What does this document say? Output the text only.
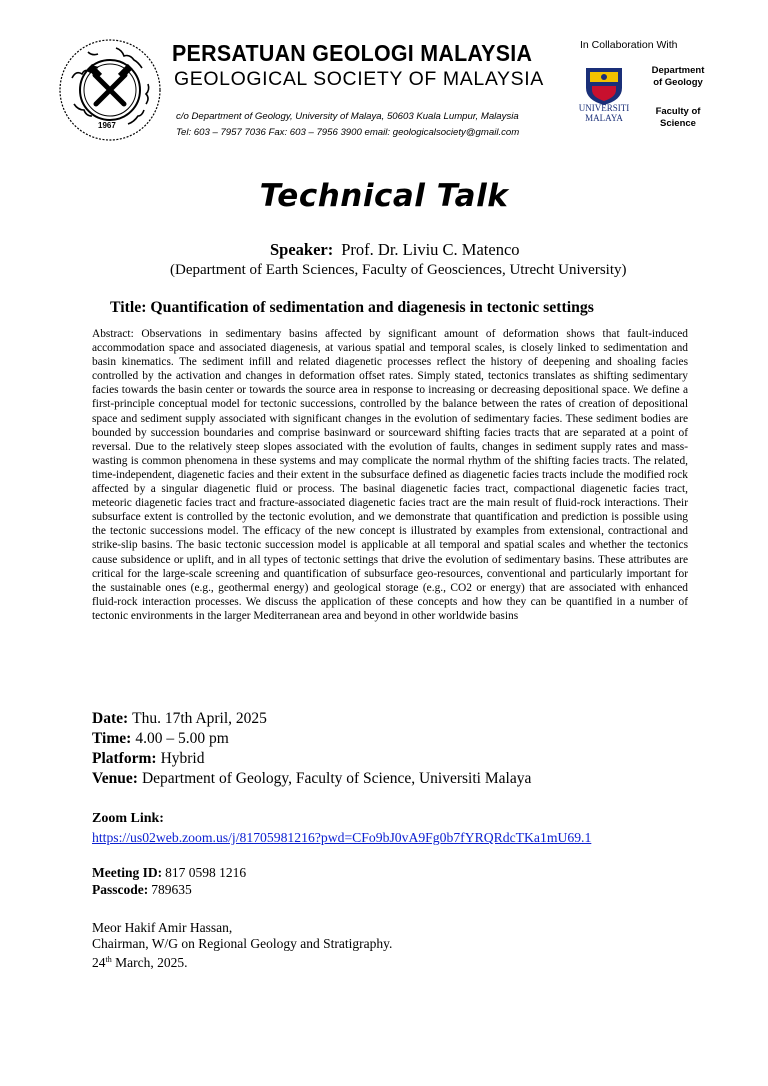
1967
PERSATUAN GEOLOGI MALAYSIA
GEOLOGICAL SOCIETY OF MALAYSIA
c/o Department of Geology, University of Malaya, 50603 Kuala Lumpur, Malaysia
Tel: 603 – 7957 7036 Fax: 603 – 7956 3900 email: geologicalsociety@gmail.com
In Collaboration With
UNIVERSITI
MALAYA
Department
of Geology
Faculty of
Science
Technical Talk
Speaker: Prof. Dr. Liviu C. Matenco
(Department of Earth Sciences, Faculty of Geosciences, Utrecht University)
Title: Quantification of sedimentation and diagenesis in tectonic settings
Abstract: Observations in sedimentary basins affected by significant amount of deformation shows that fault-induced accommodation space and associated diagenesis, at various spatial and temporal scales, is closely linked to sedimentation and basin kinematics. The sediment infill and related diagenetic processes reflect the history of deepening and shoaling facies controlled by the activation and changes in deformation offset rates. Simply stated, tectonics translates as shifting sedimentary facies towards the basin center or towards the source area in response to increasing or decreasing depositional space. We define a first-principle conceptual model for tectonic successions, controlled by the balance between the rates of creation of depositional space and sediment supply associated with significant changes in the evolution of sedimentary facies. These sediment bodies are bounded by succession boundaries and comprise basinward or sourceward shifting facies tracts that are separated at a point of reversal. Due to the relatively steep slopes associated with the evolution of faults, changes in sediment supply rates and mass-wasting is common phenomena in these systems and may complicate the normal rhythm of the shifting facies tracts. The related, time-independent, diagenetic facies and their extent in the subsurface defined as diagenetic facies tracts include the modified rock affected by a singular diagenetic fluid or process. The basinal diagenetic facies tract, compactional diagenetic facies tract, meteoric diagenetic facies tract and fracture-associated diagenetic facies tract are the main result of fluid-rock interactions. Their subsurface extent is controlled by the tectonic evolution, and we demonstrate that quantification and prediction is possible using the tectonic successions model. The efficacy of the new concept is illustrated by examples from extensional, contractional and strike-slip basins. The basic tectonic succession model is applicable at all temporal and spatial scales and whether the tectonics cause subsidence or uplift, and in all types of tectonic settings that drive the evolution of sedimentary basins. These attributes are critical for the large-scale screening and quantification of subsurface geo-resources, conventional and particularly important for the sustainable ones (e.g., geothermal energy) and geological storage (e.g., CO2 or energy) that are associated with enhanced fluid-rock interaction processes. We discuss the application of these concepts and how they can be quantified in a number of tectonic environments in the larger Mediterranean area and beyond in other worldwide basins
Date: Thu. 17th April, 2025
Time: 4.00 – 5.00 pm
Platform: Hybrid
Venue: Department of Geology, Faculty of Science, Universiti Malaya
Zoom Link:
https://us02web.zoom.us/j/81705981216?pwd=CFo9bJ0vA9Fg0b7fYRQRdcTKa1mU69.1
Meeting ID: 817 0598 1216
Passcode: 789635
Meor Hakif Amir Hassan,
Chairman, W/G on Regional Geology and Stratigraphy.
24th March, 2025.
